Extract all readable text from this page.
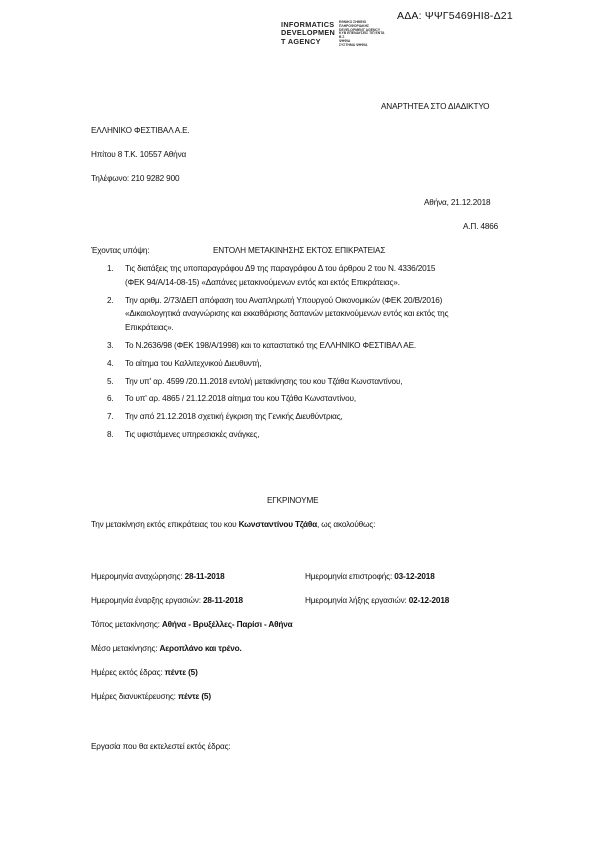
ΑΔΑ: ΨΨΓ5469ΗΙ8-Δ21
INFORMATICS
DEVELOPMEN
T AGENCY
ΕΘΝΙΚΟ ΣΗΜΕΙΟ
ΠΛΗΡΟΦΟΡΙΑΚΗΣ
DEVELOPMENT AGENCY
ΚΥΒ ΕΠΕΝΔΥΣΕΙΣ ΤΙΠ ΕΝΤΑ
Β Σ
ΨΗΦΙΑ
ΣΥΣΤΗΜΑ ΨΗΦΙΑ
ΑΝΑΡΤΗΤΕΑ ΣΤΟ ΔΙΑΔΙΚΤΥΟ
ΕΛΛΗΝΙΚΟ ΦΕΣΤΙΒΑΛ Α.Ε.
Ηπίτου 8 Τ.Κ. 10557 Αθήνα
Τηλέφωνο: 210 9282 900
Αθήνα, 21.12.2018
Α.Π. 4866
ΕΝΤΟΛΗ ΜΕΤΑΚΙΝΗΣΗΣ ΕΚΤΟΣ ΕΠΙΚΡΑΤΕΙΑΣ
Έχοντας υπόψη:
1. Τις διατάξεις της υποπαραγράφου Δ9 της παραγράφου Δ του άρθρου 2 του Ν. 4336/2015
(ΦΕΚ 94/Α/14-08-15) «Δαπάνες μετακινούμενων εντός και εκτός Επικράτειας».
2. Την αριθμ. 2/73/ΔΕΠ απόφαση του Αναπληρωτή Υπουργού Οικονομικών (ΦΕΚ 20/Β/2016)
«Δικαιολογητικά αναγνώρισης και εκκαθάρισης δαπανών μετακινούμενων εντός και εκτός της
Επικράτειας».
3. Το Ν.2636/98 (ΦΕΚ 198/Α/1998) και το καταστατικό της ΕΛΛΗΝΙΚΟ ΦΕΣΤΙΒΑΛ ΑΕ.
4. Το αίτημα του Καλλιτεχνικού Διευθυντή,
5. Την υπ' αρ. 4599 /20.11.2018 εντολή μετακίνησης του κου Τζάθα Κωνσταντίνου,
6. Το υπ' αρ. 4865 / 21.12.2018 αίτημα του κου Τζάθα Κωνσταντίνου,
7. Την από 21.12.2018 σχετική έγκριση της Γενικής Διευθύντριας,
8. Τις υφιστάμενες υπηρεσιακές ανάγκες,
ΕΓΚΡΙΝΟΥΜΕ
Την μετακίνηση εκτός επικράτειας του κου Κωνσταντίνου Τζάθα, ως ακολούθως:
Ημερομηνία αναχώρησης: 28-11-2018	Ημερομηνία επιστροφής: 03-12-2018
Ημερομηνία έναρξης εργασιών: 28-11-2018	Ημερομηνία λήξης εργασιών: 02-12-2018
Τόπος μετακίνησης: Αθήνα - Βρυξέλλες- Παρίσι - Αθήνα
Μέσο μετακίνησης: Αεροπλάνο και τρένο.
Ημέρες εκτός έδρας: πέντε (5)
Ημέρες διανυκτέρευσης: πέντε (5)
Εργασία που θα εκτελεστεί εκτός έδρας:
